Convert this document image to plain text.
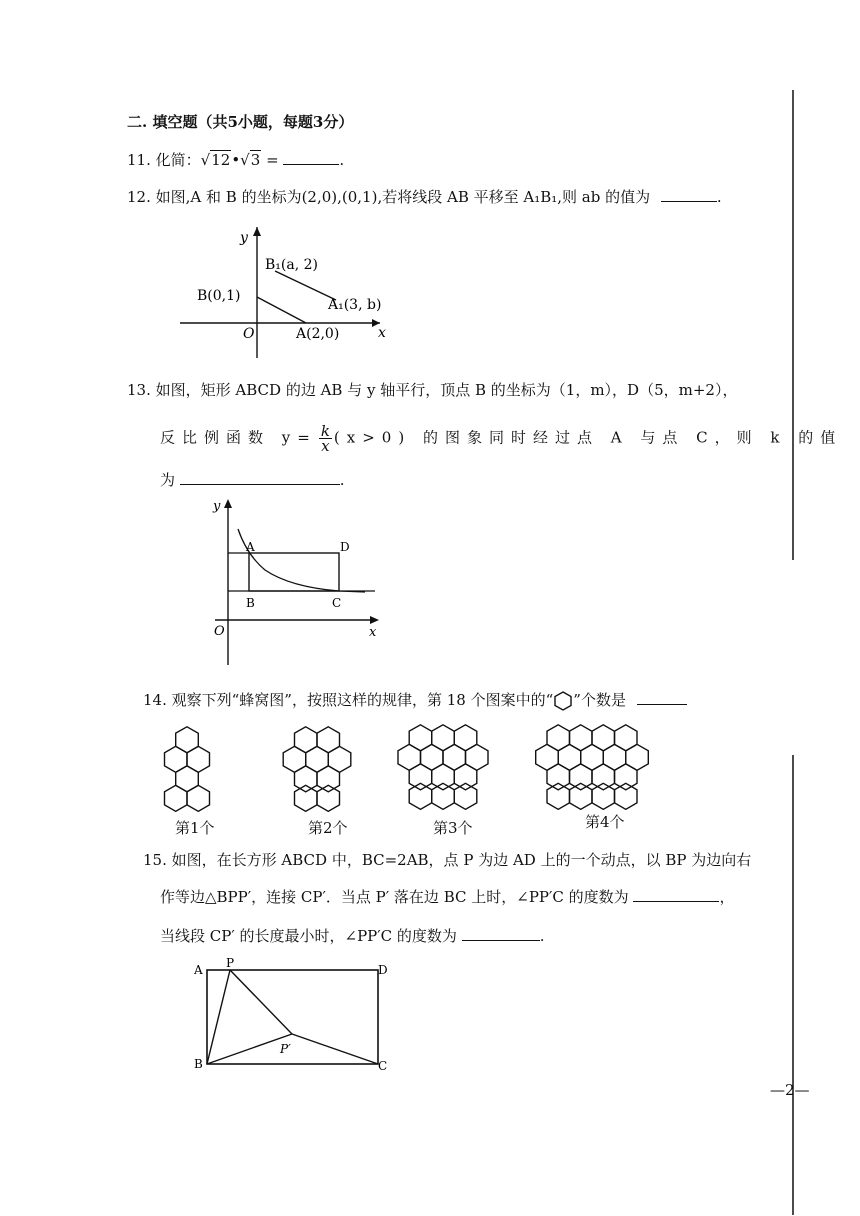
二. 填空题（共5小题，每题3分）
11. 化简：√12•√3 =	.
12. 如图,A 和 B 的坐标为(2,0),(0,1),若将线段 AB 平移至 A₁B₁,则 ab 的值为	.
y
x
O
B₁(a, 2)
B(0,1)
A₁(3, b)
A(2,0)
13. 如图，矩形 ABCD 的边 AB 与 y 轴平行，顶点 B 的坐标为（1，m），D（5，m+2），
反比例函数 $y= \frac{k}{x} (x>0)$ 的图象同时经过点 A 与点 C，则 k 的值
为	.
y
x
O
A	D
B	C
14. 观察下列“蜂窝图”，按照这样的规律，第 18 个图案中的“ ”个数是
第1个	第2个	第3个	第4个
15. 如图，在长方形 ABCD 中，BC=2AB，点 P 为边 AD 上的一个动点，以 BP 为边向右
作等边△BPP′，连接 CP′．当点 P′ 落在边 BC 上时，∠PP′C 的度数为	，
当线段 CP′ 的长度最小时，∠PP′C 的度数为	.
A P	D
B	C
P′
—2—
